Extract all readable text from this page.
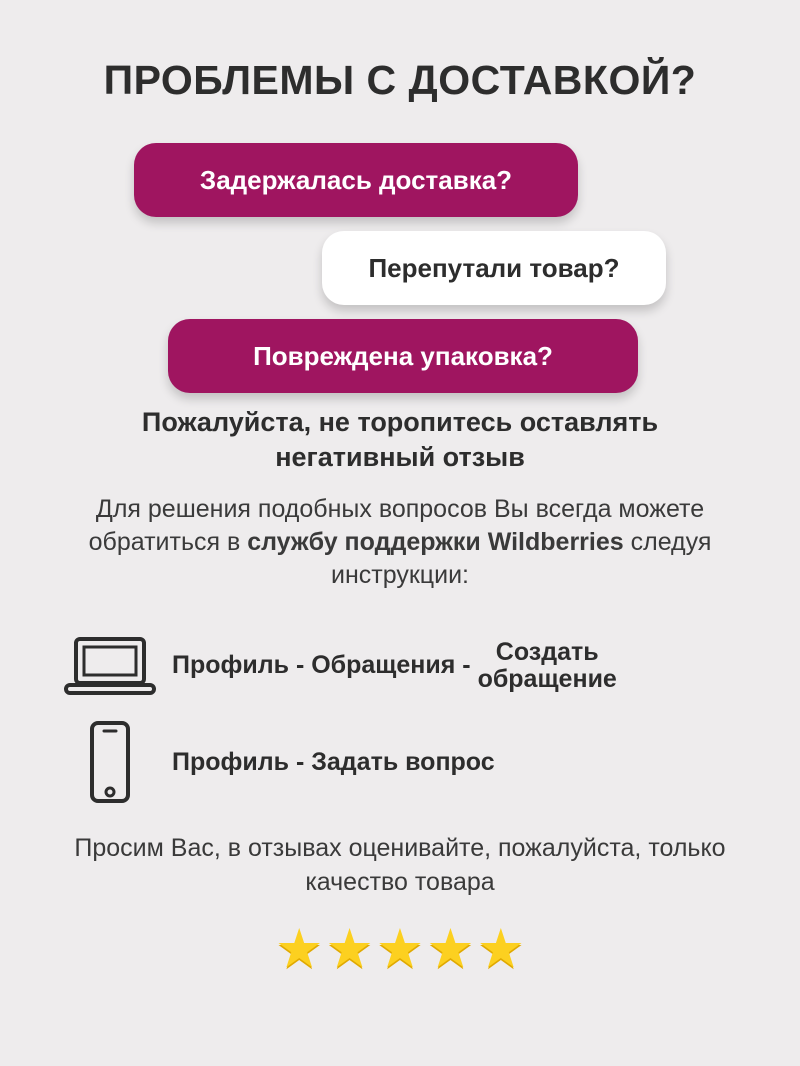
ПРОБЛЕМЫ С ДОСТАВКОЙ?
Задержалась доставка?
Перепутали товар?
Повреждена упаковка?

Пожалуйста, не торопитесь оставлять негативный отзыв

Для решения подобных вопросов Вы всегда можете обратиться в службу поддержки Wildberries следуя инструкции:

Профиль - Обращения - Создать
обращение
Профиль - Задать вопрос

Просим Вас, в отзывах оценивайте, пожалуйста, только качество товара

★ ★ ★ ★ ★
